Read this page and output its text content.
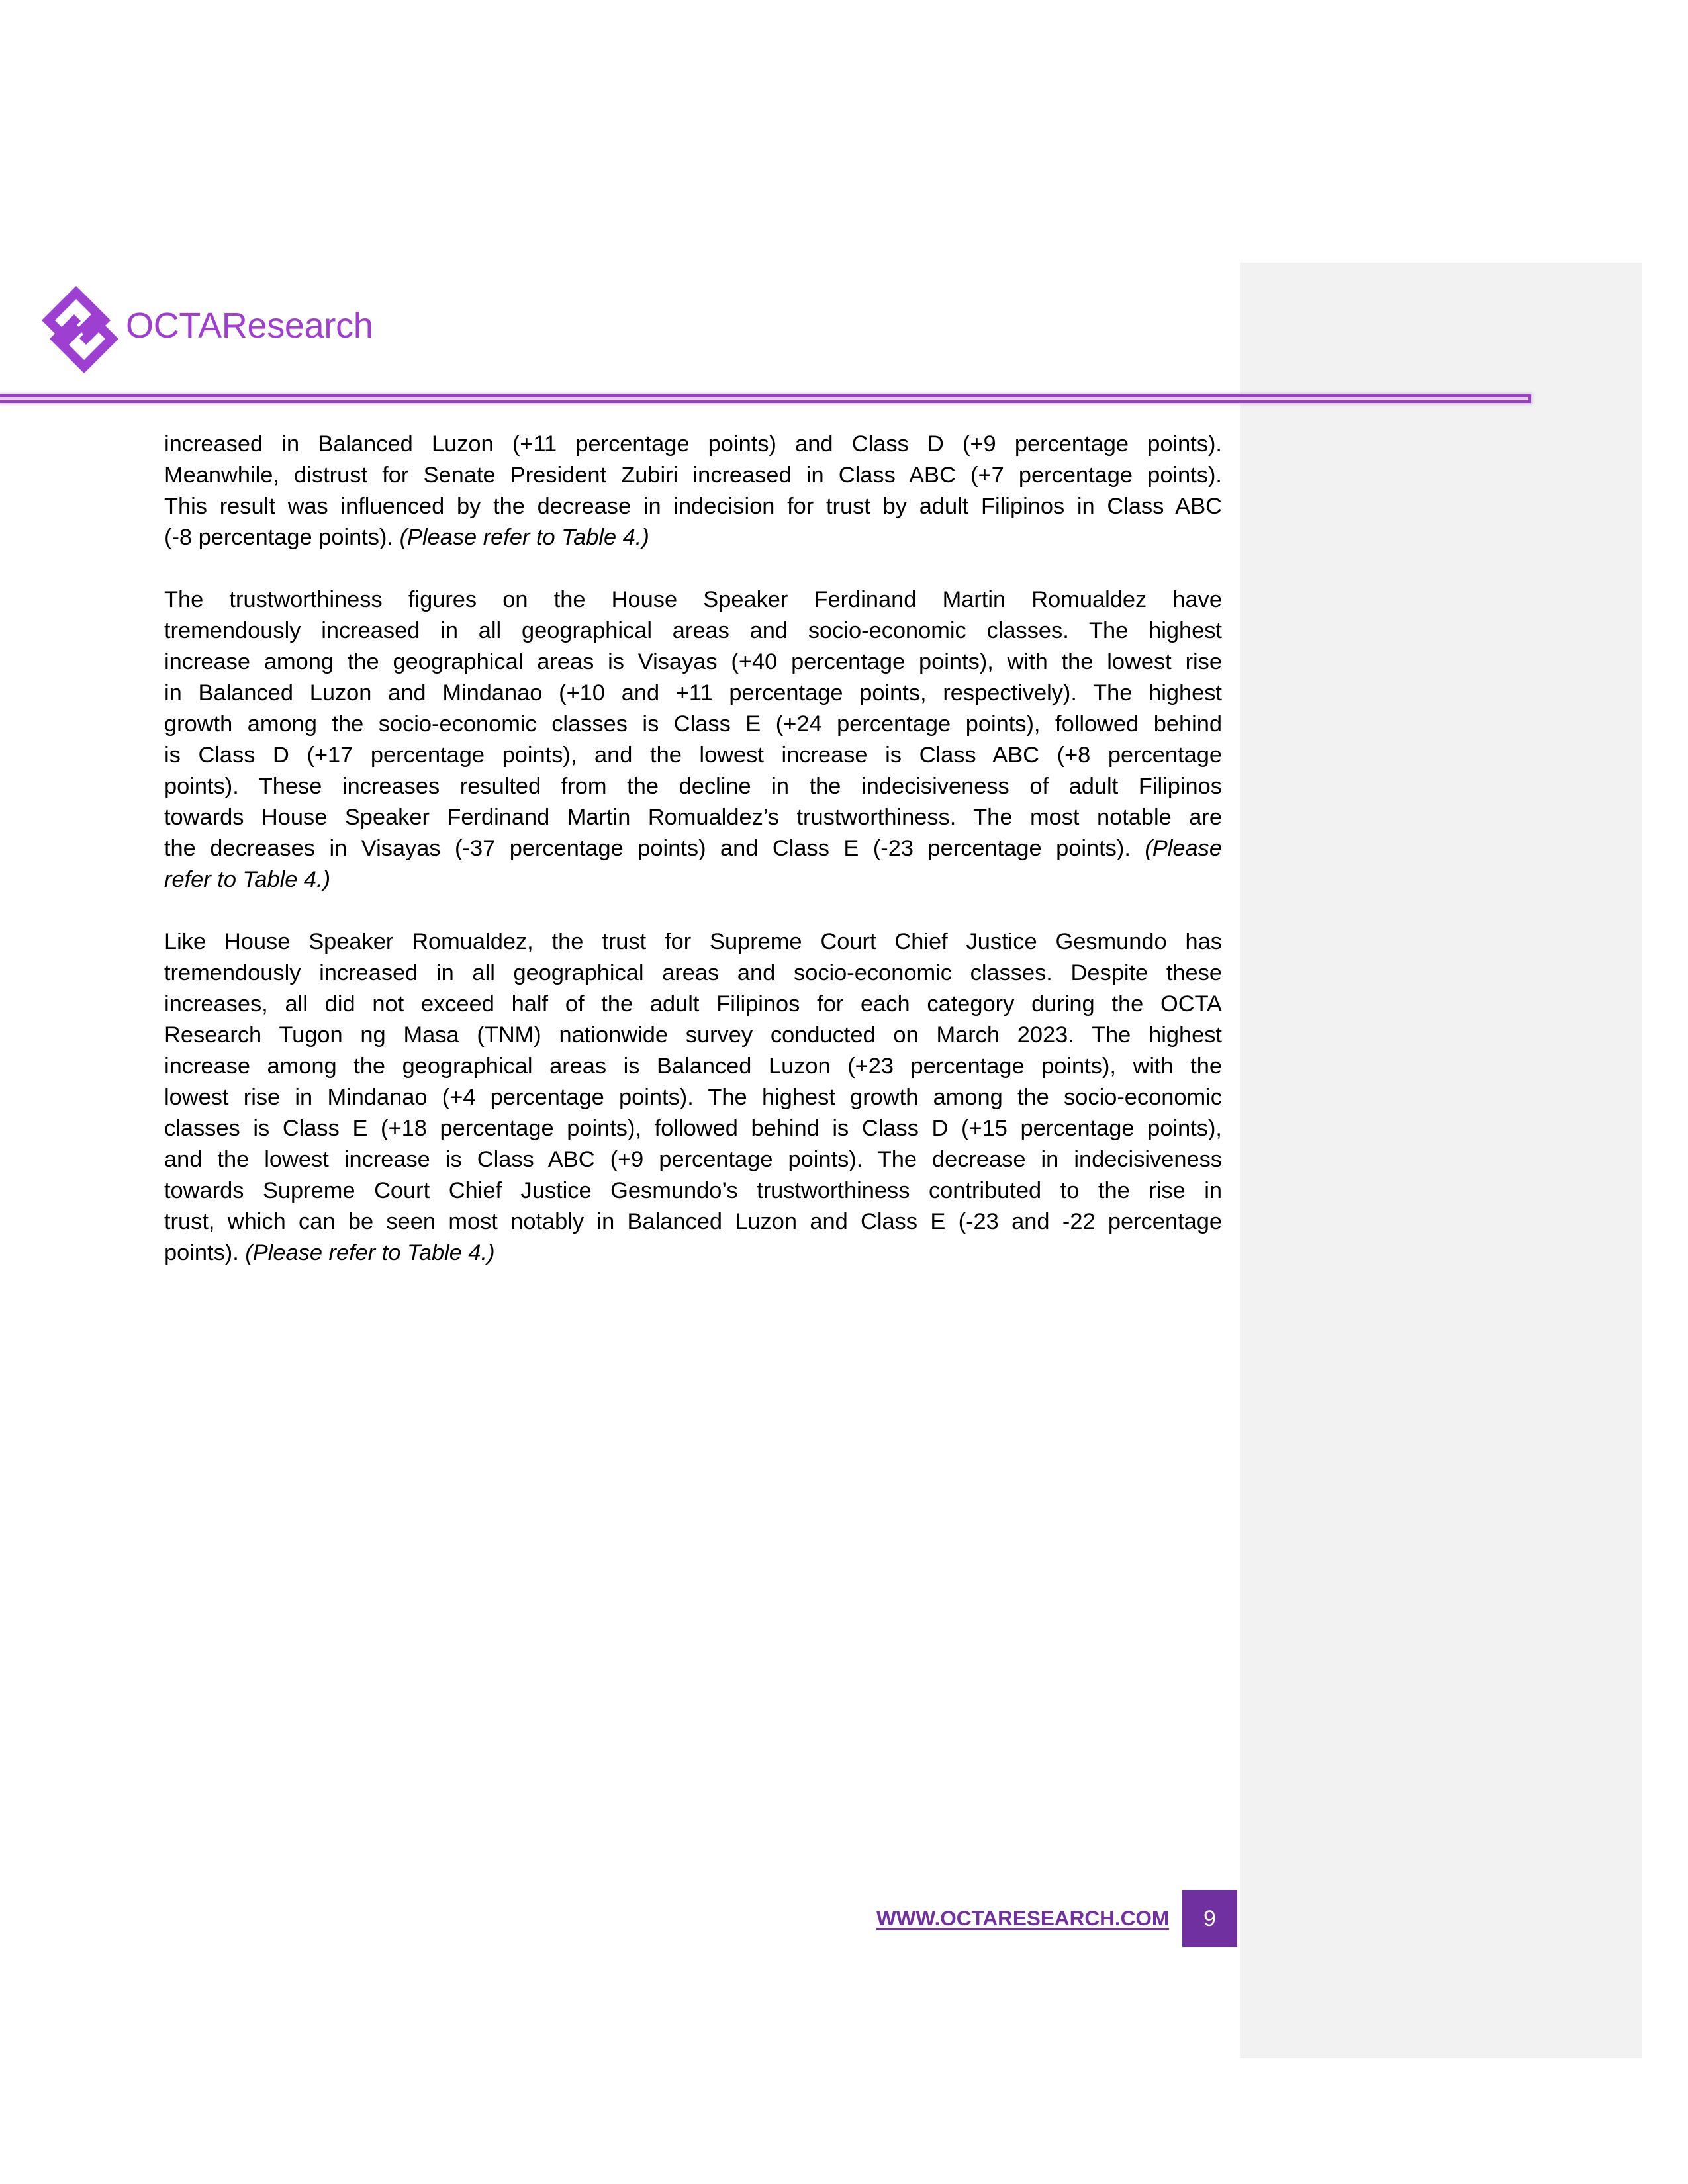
OCTAResearch
increased in Balanced Luzon (+11 percentage points) and Class D (+9 percentage points).
Meanwhile, distrust for Senate President Zubiri increased in Class ABC (+7 percentage points).
This result was influenced by the decrease in indecision for trust by adult Filipinos in Class ABC
(-8 percentage points). (Please refer to Table 4.)
The trustworthiness figures on the House Speaker Ferdinand Martin Romualdez have
tremendously increased in all geographical areas and socio-economic classes. The highest
increase among the geographical areas is Visayas (+40 percentage points), with the lowest rise
in Balanced Luzon and Mindanao (+10 and +11 percentage points, respectively). The highest
growth among the socio-economic classes is Class E (+24 percentage points), followed behind
is Class D (+17 percentage points), and the lowest increase is Class ABC (+8 percentage
points). These increases resulted from the decline in the indecisiveness of adult Filipinos
towards House Speaker Ferdinand Martin Romualdez’s trustworthiness. The most notable are
the decreases in Visayas (-37 percentage points) and Class E (-23 percentage points). (Please
refer to Table 4.)
Like House Speaker Romualdez, the trust for Supreme Court Chief Justice Gesmundo has
tremendously increased in all geographical areas and socio-economic classes. Despite these
increases, all did not exceed half of the adult Filipinos for each category during the OCTA
Research Tugon ng Masa (TNM) nationwide survey conducted on March 2023. The highest
increase among the geographical areas is Balanced Luzon (+23 percentage points), with the
lowest rise in Mindanao (+4 percentage points). The highest growth among the socio-economic
classes is Class E (+18 percentage points), followed behind is Class D (+15 percentage points),
and the lowest increase is Class ABC (+9 percentage points). The decrease in indecisiveness
towards Supreme Court Chief Justice Gesmundo’s trustworthiness contributed to the rise in
trust, which can be seen most notably in Balanced Luzon and Class E (-23 and -22 percentage
points). (Please refer to Table 4.)
WWW.OCTARESEARCH.COM 9
